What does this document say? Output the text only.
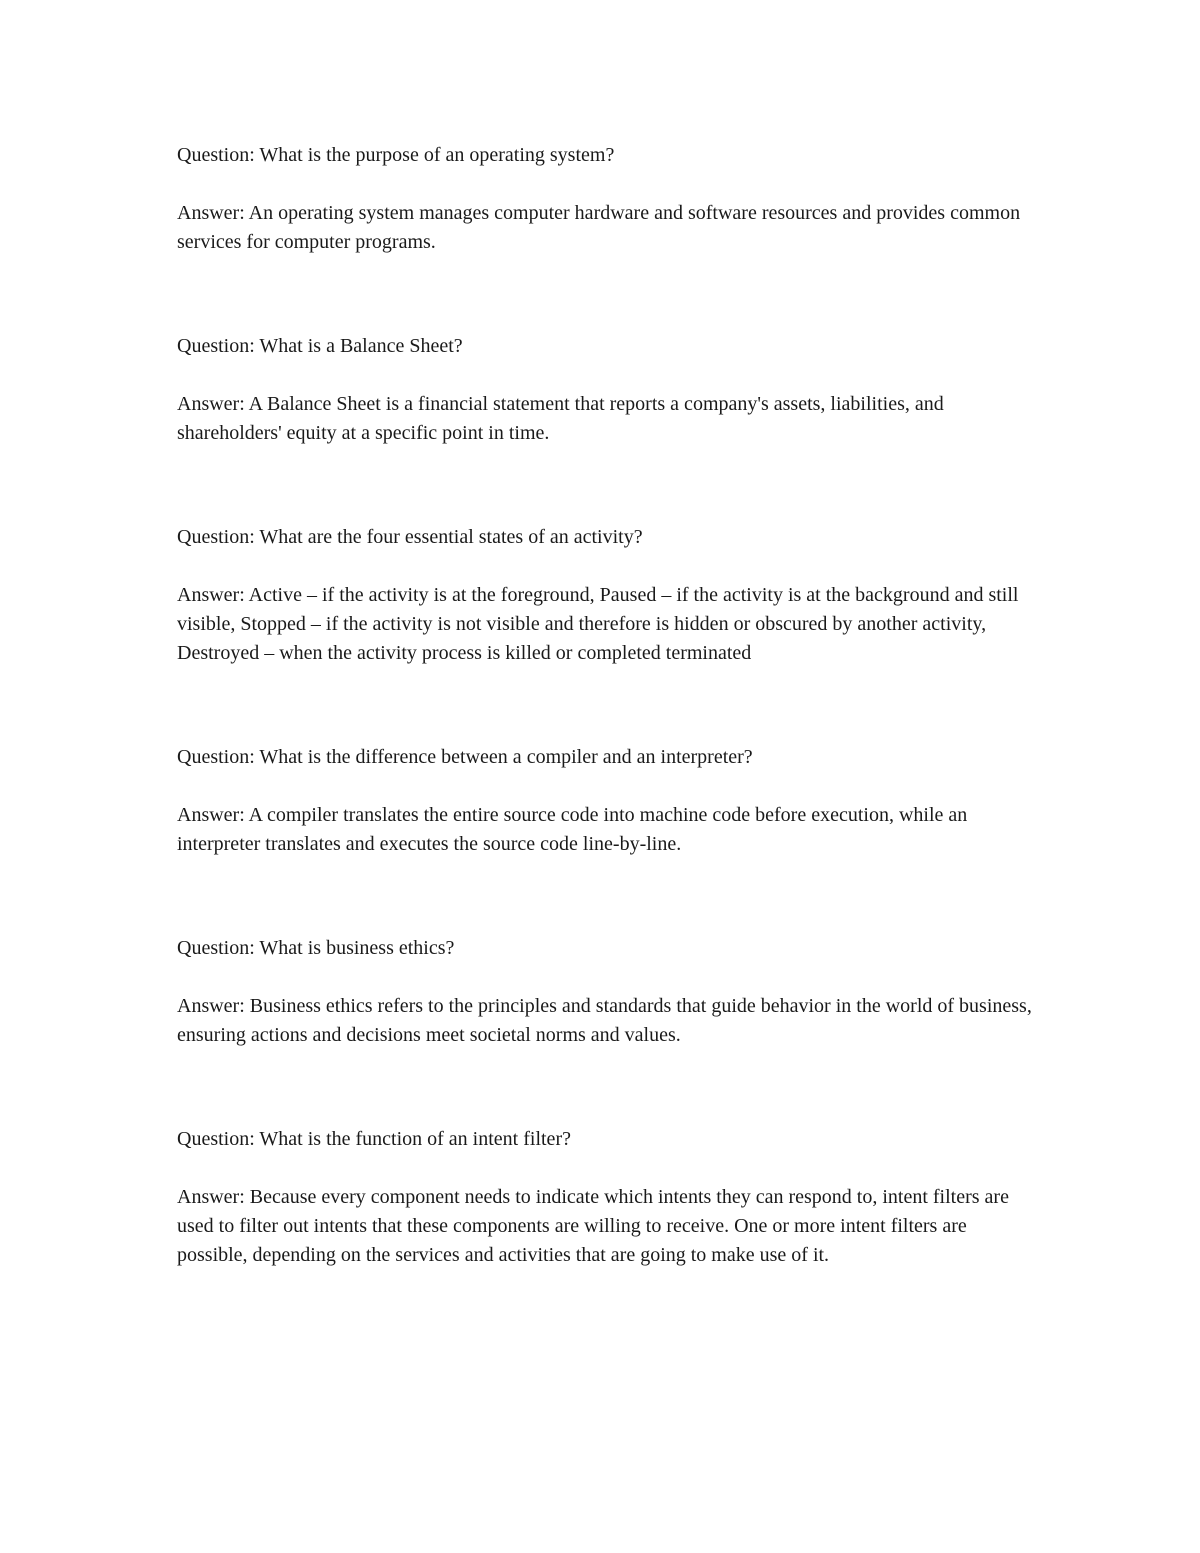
Question: What is the purpose of an operating system?

Answer: An operating system manages computer hardware and software resources and provides common services for computer programs.

Question: What is a Balance Sheet?

Answer: A Balance Sheet is a financial statement that reports a company's assets, liabilities, and shareholders' equity at a specific point in time.

Question: What are the four essential states of an activity?

Answer: Active – if the activity is at the foreground, Paused – if the activity is at the background and still visible, Stopped – if the activity is not visible and therefore is hidden or obscured by another activity, Destroyed – when the activity process is killed or completed terminated

Question: What is the difference between a compiler and an interpreter?

Answer: A compiler translates the entire source code into machine code before execution, while an interpreter translates and executes the source code line-by-line.

Question: What is business ethics?

Answer: Business ethics refers to the principles and standards that guide behavior in the world of business, ensuring actions and decisions meet societal norms and values.

Question: What is the function of an intent filter?

Answer: Because every component needs to indicate which intents they can respond to, intent filters are used to filter out intents that these components are willing to receive. One or more intent filters are possible, depending on the services and activities that are going to make use of it.
